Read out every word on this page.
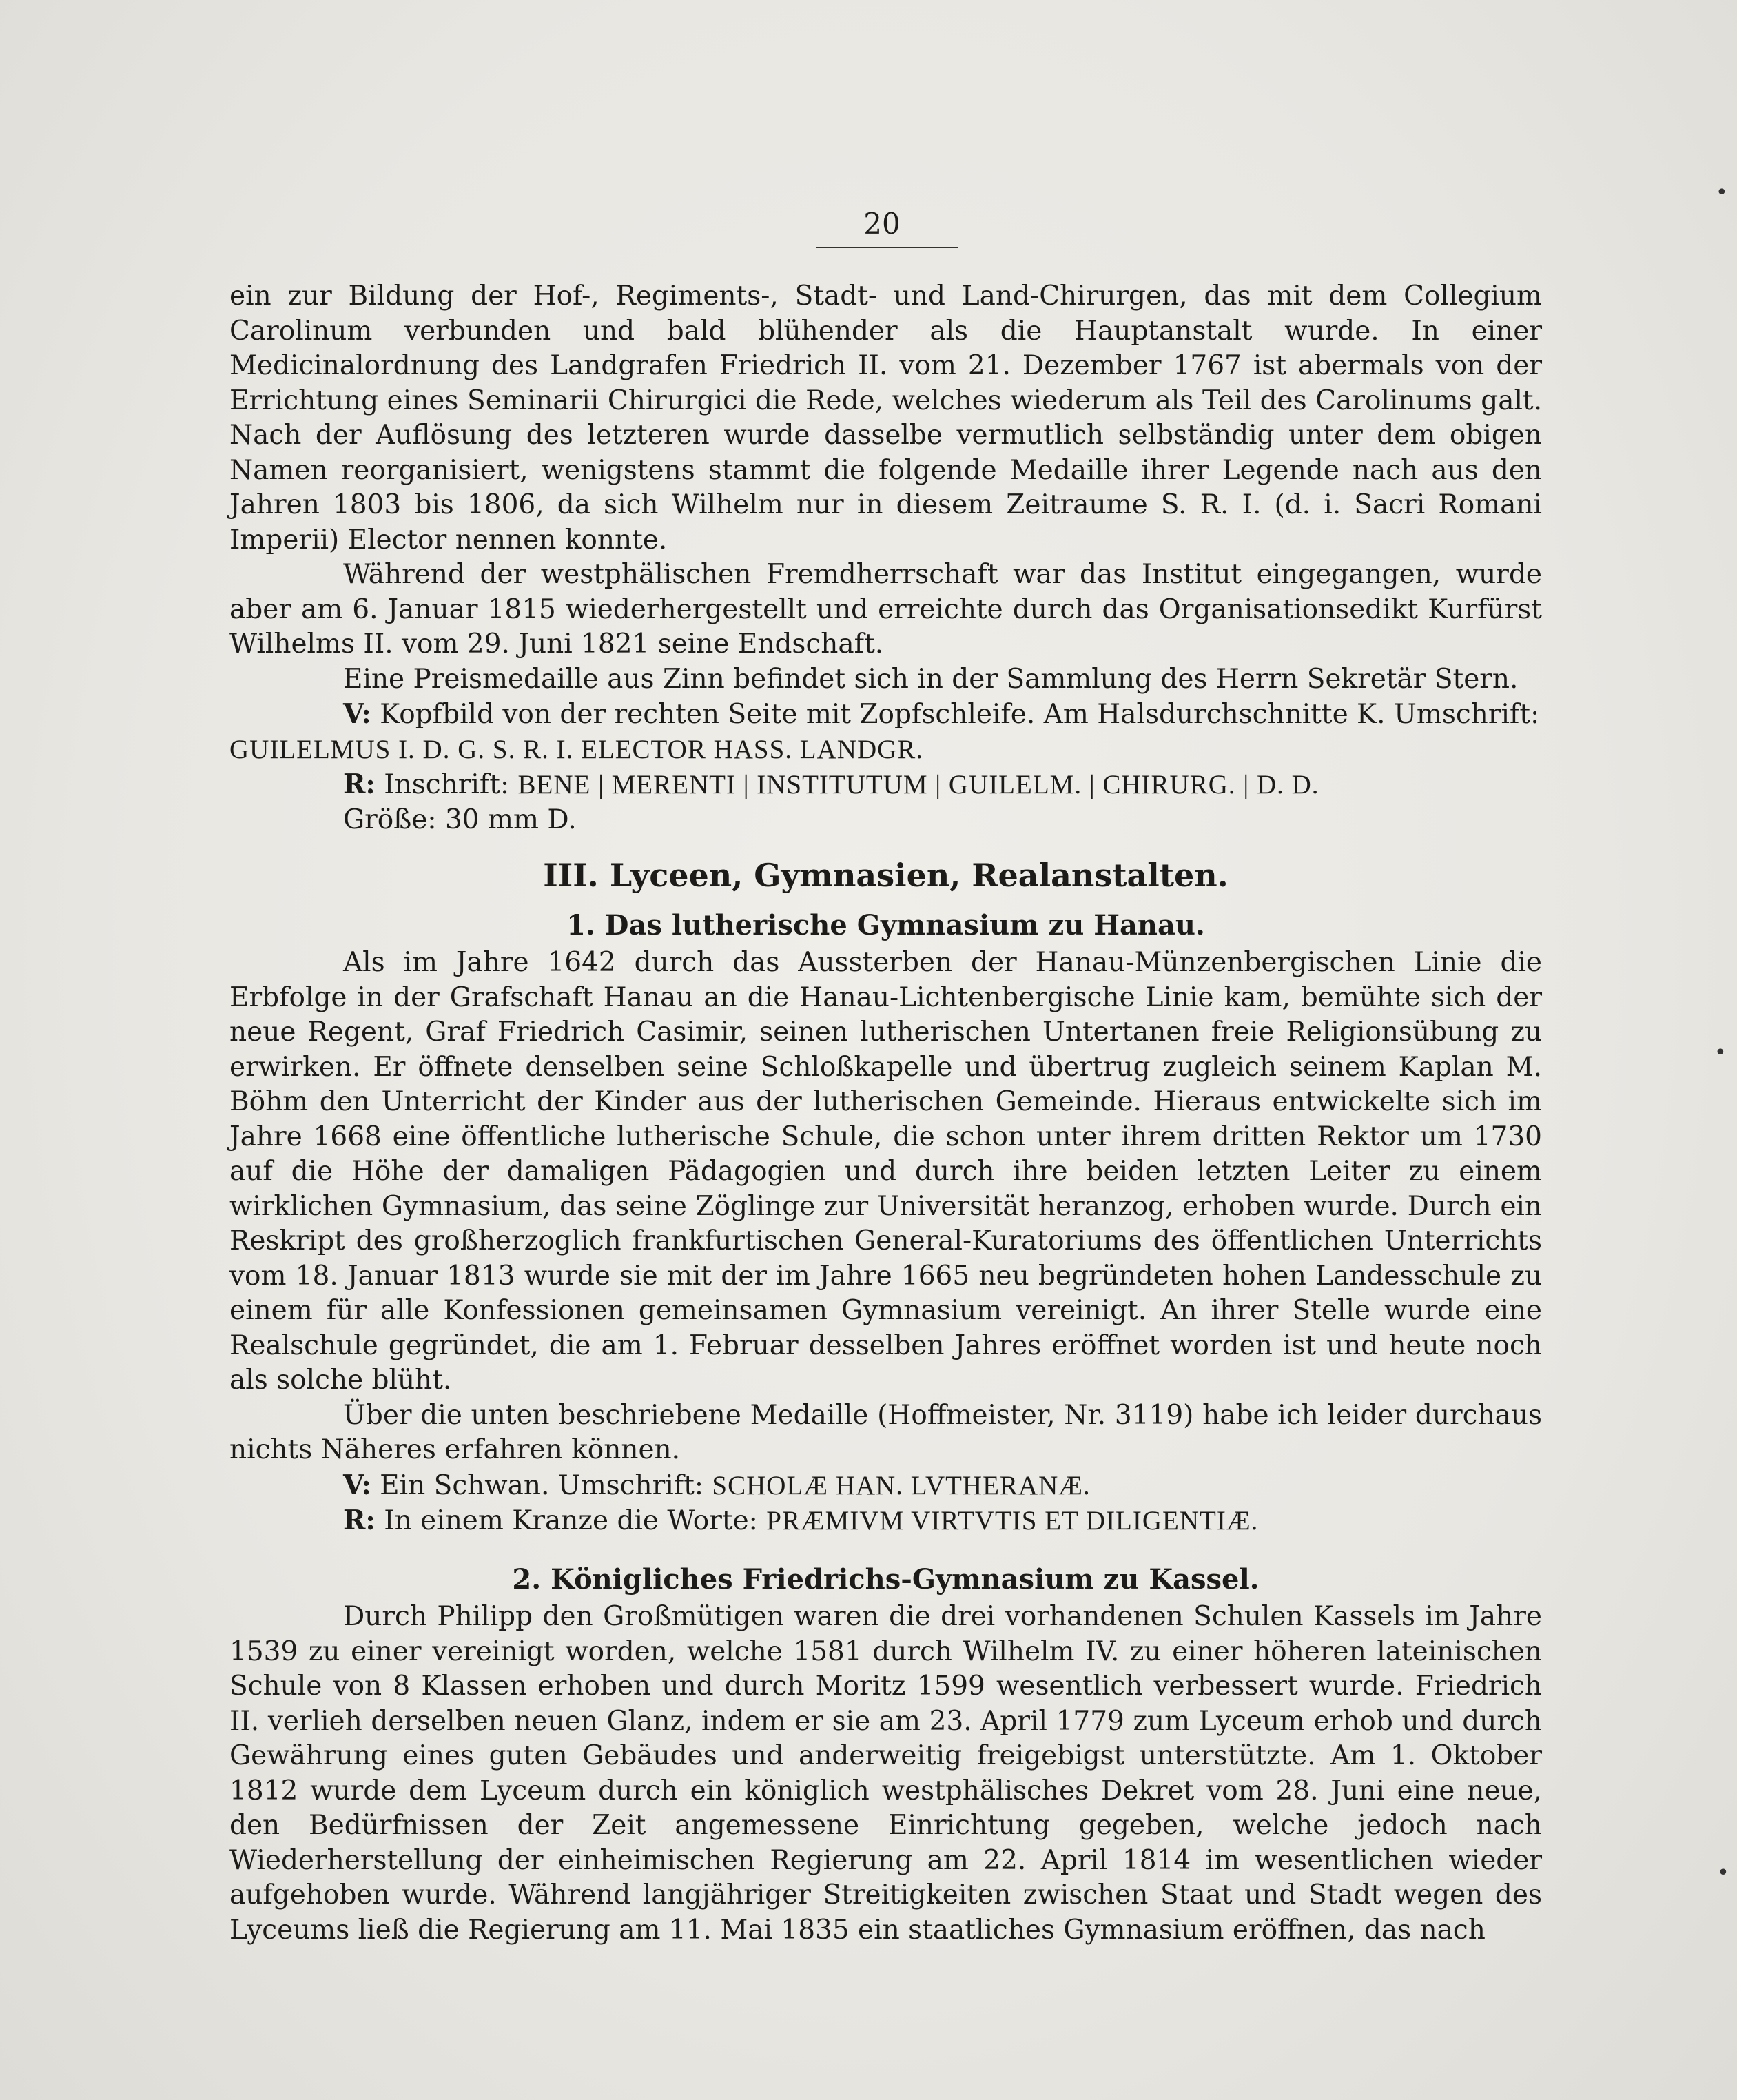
20

ein zur Bildung der Hof-, Regiments-, Stadt- und Land-Chirurgen, das mit dem Collegium Carolinum verbunden und bald blühender als die Hauptanstalt wurde. In einer Medicinalordnung des Landgrafen Friedrich II. vom 21. Dezember 1767 ist abermals von der Errichtung eines Seminarii Chirurgici die Rede, welches wiederum als Teil des Carolinums galt. Nach der Auflösung des letzteren wurde dasselbe vermutlich selbständig unter dem obigen Namen reorganisiert, wenigstens stammt die folgende Medaille ihrer Legende nach aus den Jahren 1803 bis 1806, da sich Wilhelm nur in diesem Zeitraume S. R. I. (d. i. Sacri Romani Imperii) Elector nennen konnte.

Während der westphälischen Fremdherrschaft war das Institut eingegangen, wurde aber am 6. Januar 1815 wiederhergestellt und erreichte durch das Organisationsedikt Kurfürst Wilhelms II. vom 29. Juni 1821 seine Endschaft.

Eine Preismedaille aus Zinn befindet sich in der Sammlung des Herrn Sekretär Stern.

V: Kopfbild von der rechten Seite mit Zopfschleife. Am Halsdurchschnitte K. Umschrift:

GUILELMUS I. D. G. S. R. I. ELECTOR HASS. LANDGR.

R: Inschrift: BENE | MERENTI | INSTITUTUM | GUILELM. | CHIRURG. | D. D.

Größe: 30 mm D.

III. Lyceen, Gymnasien, Realanstalten.
1. Das lutherische Gymnasium zu Hanau.

Als im Jahre 1642 durch das Aussterben der Hanau-Münzenbergischen Linie die Erbfolge in der Grafschaft Hanau an die Hanau-Lichtenbergische Linie kam, bemühte sich der neue Regent, Graf Friedrich Casimir, seinen lutherischen Untertanen freie Religionsübung zu erwirken. Er öffnete denselben seine Schloßkapelle und übertrug zugleich seinem Kaplan M. Böhm den Unterricht der Kinder aus der lutherischen Gemeinde. Hieraus entwickelte sich im Jahre 1668 eine öffentliche lutherische Schule, die schon unter ihrem dritten Rektor um 1730 auf die Höhe der damaligen Pädagogien und durch ihre beiden letzten Leiter zu einem wirklichen Gymnasium, das seine Zöglinge zur Universität heranzog, erhoben wurde. Durch ein Reskript des großherzoglich frankfurtischen General-Kuratoriums des öffentlichen Unterrichts vom 18. Januar 1813 wurde sie mit der im Jahre 1665 neu begründeten hohen Landesschule zu einem für alle Konfessionen gemeinsamen Gymnasium vereinigt. An ihrer Stelle wurde eine Realschule gegründet, die am 1. Februar desselben Jahres eröffnet worden ist und heute noch als solche blüht.

Über die unten beschriebene Medaille (Hoffmeister, Nr. 3119) habe ich leider durchaus nichts Näheres erfahren können.

V: Ein Schwan. Umschrift: SCHOLÆ HAN. LVTHERANÆ.

R: In einem Kranze die Worte: PRÆMIVM VIRTVTIS ET DILIGENTIÆ.

2. Königliches Friedrichs-Gymnasium zu Kassel.

Durch Philipp den Großmütigen waren die drei vorhandenen Schulen Kassels im Jahre 1539 zu einer vereinigt worden, welche 1581 durch Wilhelm IV. zu einer höheren lateinischen Schule von 8 Klassen erhoben und durch Moritz 1599 wesentlich verbessert wurde. Friedrich II. verlieh derselben neuen Glanz, indem er sie am 23. April 1779 zum Lyceum erhob und durch Gewährung eines guten Gebäudes und anderweitig freigebigst unterstützte. Am 1. Oktober 1812 wurde dem Lyceum durch ein königlich westphälisches Dekret vom 28. Juni eine neue, den Bedürfnissen der Zeit angemessene Einrichtung gegeben, welche jedoch nach Wiederherstellung der einheimischen Regierung am 22. April 1814 im wesentlichen wieder aufgehoben wurde. Während langjähriger Streitigkeiten zwischen Staat und Stadt wegen des Lyceums ließ die Regierung am 11. Mai 1835 ein staatliches Gymnasium eröffnen, das nach

•
•
•
